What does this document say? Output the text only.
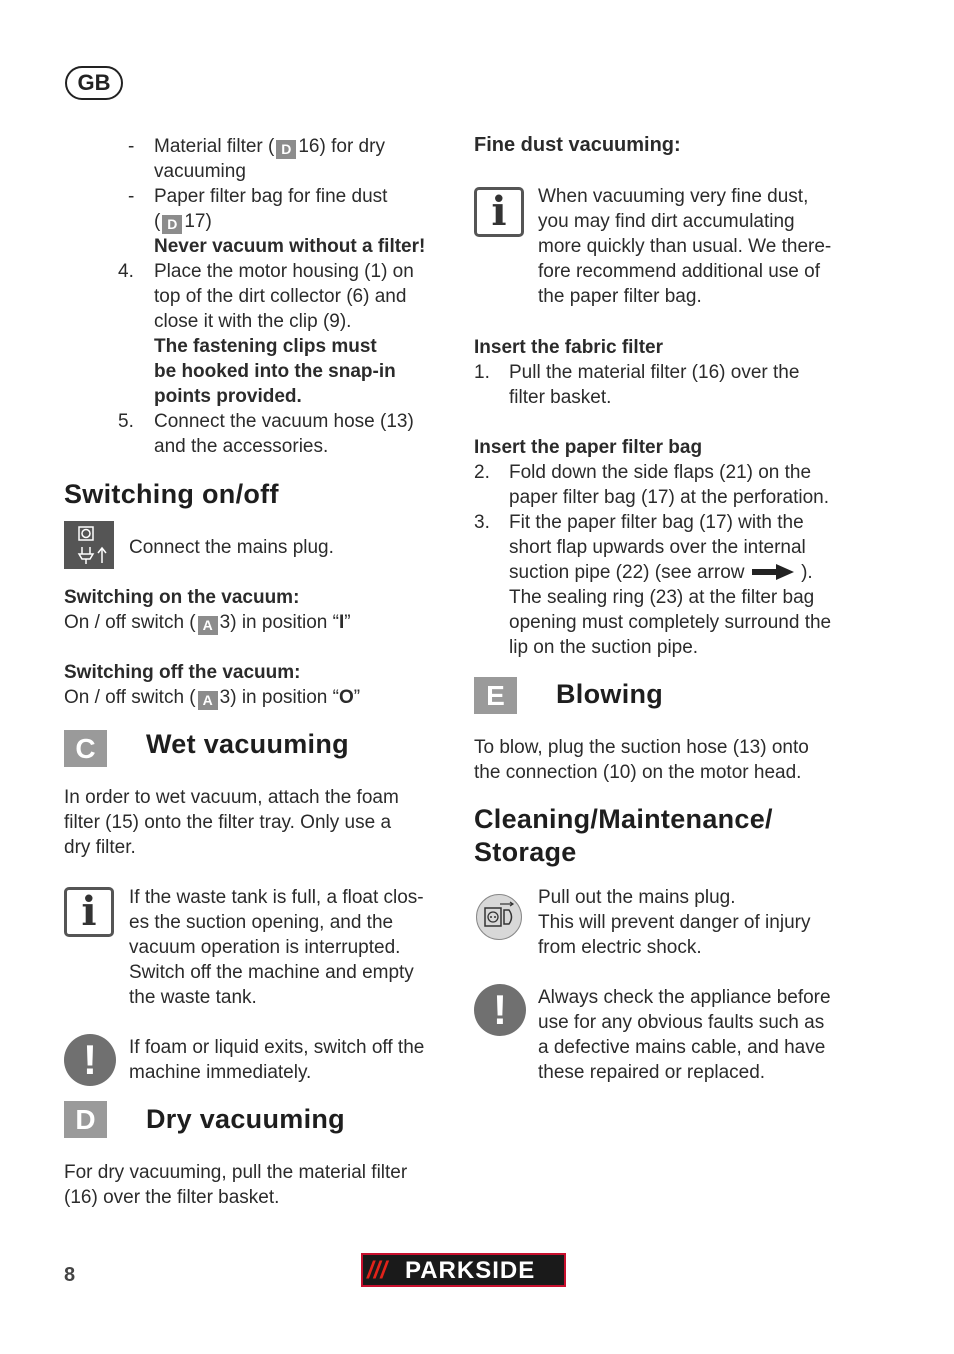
GB
- Material filter ( D 16) for dry
vacuuming
- Paper filter bag for fine dust
( D 17)
Never vacuum without a filter!
4. Place the motor housing (1) on
top of the dirt collector (6) and
close it with the clip (9).
The fastening clips must
be hooked into the snap-in
points provided.
5. Connect the vacuum hose (13)
and the accessories.
Switching on/off
Connect the mains plug.
Switching on the vacuum:
On / off switch ( A 3) in position “I”
Switching off the vacuum:
On / off switch ( A 3) in position “O”
C	Wet vacuuming
In order to wet vacuum, attach the foam
filter (15) onto the filter tray. Only use a
dry filter.
i	If the waste tank is full, a float clos-
es the suction opening, and the
vacuum operation is interrupted.
Switch off the machine and empty
the waste tank.
!	If foam or liquid exits, switch off the
machine immediately.
D	Dry vacuuming
For dry vacuuming, pull the material filter
(16) over the filter basket.
Fine dust vacuuming:
i	When vacuuming very fine dust,
you may find dirt accumulating
more quickly than usual. We there-
fore recommend additional use of
the paper filter bag.
Insert the fabric filter
1. Pull the material filter (16) over the
filter basket.
Insert the paper filter bag
2. Fold down the side flaps (21) on the
paper filter bag (17) at the perforation.
3. Fit the paper filter bag (17) with the
short flap upwards over the internal
suction pipe (22) (see arrow	).
The sealing ring (23) at the filter bag
opening must completely surround the
lip on the suction pipe.
E	Blowing
To blow, plug the suction hose (13) onto
the connection (10) on the motor head.
Cleaning/Maintenance/
Storage
Pull out the mains plug.
This will prevent danger of injury
from electric shock.
!	Always check the appliance before
use for any obvious faults such as
a defective mains cable, and have
these repaired or replaced.
8	/// PARKSIDE
